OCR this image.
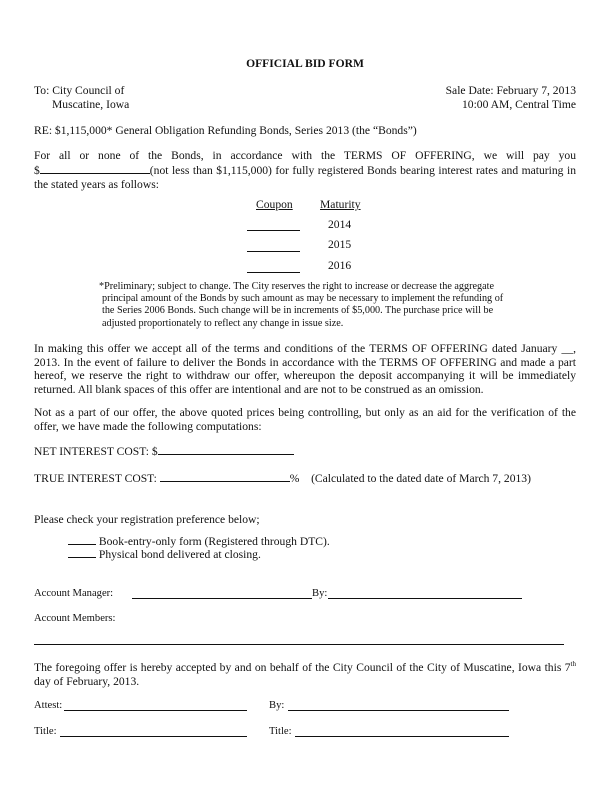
OFFICIAL BID FORM
To: City Council of
Muscatine, Iowa
Sale Date: February 7, 2013
10:00 AM, Central Time
RE: $1,115,000* General Obligation Refunding Bonds, Series 2013 (the “Bonds”)
For all or none of the Bonds, in accordance with the TERMS OF OFFERING, we will pay you
$	(not less than $1,115,000) for fully registered Bonds bearing interest rates and maturing in the stated years as follows:
Coupon Maturity
2014
2015
2016
*Preliminary; subject to change. The City reserves the right to increase or decrease the aggregate principal amount of the Bonds by such amount as may be necessary to implement the refunding of the Series 2006 Bonds. Such change will be in increments of $5,000. The purchase price will be adjusted proportionately to reflect any change in issue size.
In making this offer we accept all of the terms and conditions of the TERMS OF OFFERING dated January __, 2013. In the event of failure to deliver the Bonds in accordance with the TERMS OF OFFERING and made a part hereof, we reserve the right to withdraw our offer, whereupon the deposit accompanying it will be immediately returned. All blank spaces of this offer are intentional and are not to be construed as an omission.
Not as a part of our offer, the above quoted prices being controlling, but only as an aid for the verification of the offer, we have made the following computations:
NET INTEREST COST: $
TRUE INTEREST COST:	% (Calculated to the dated date of March 7, 2013)
Please check your registration preference below;
Book-entry-only form (Registered through DTC).
Physical bond delivered at closing.
Account Manager:	By:
Account Members:
The foregoing offer is hereby accepted by and on behalf of the City Council of the City of Muscatine, Iowa this 7th day of February, 2013.
Attest:	By:
Title:	Title:
